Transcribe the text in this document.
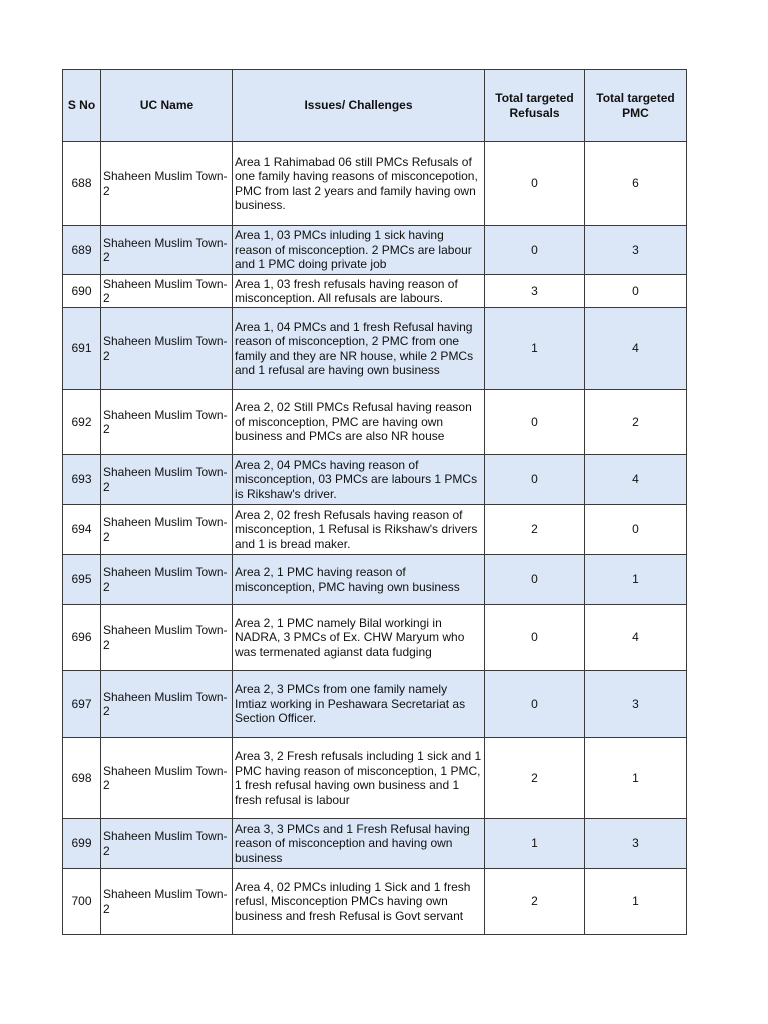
S No	UC Name	Issues/ Challenges	Total targeted Refusals	Total targeted PMC
688	Shaheen Muslim Town-2	Area 1 Rahimabad 06 still PMCs Refusals of one family having reasons of misconcepotion, PMC from last 2 years and family having own business.	0	6
689	Shaheen Muslim Town-2	Area 1, 03 PMCs inluding 1 sick having reason of misconception. 2 PMCs are labour and 1 PMC doing private job	0	3
690	Shaheen Muslim Town-2	Area 1, 03 fresh refusals having reason of misconception. All refusals are labours.	3	0
691	Shaheen Muslim Town-2	Area 1, 04 PMCs and 1 fresh Refusal having reason of misconception, 2 PMC from one family and they are NR house, while 2 PMCs and 1 refusal are having own business	1	4
692	Shaheen Muslim Town-2	Area 2, 02 Still PMCs Refusal having reason of misconception, PMC are having own business and PMCs are also NR house	0	2
693	Shaheen Muslim Town-2	Area 2, 04 PMCs having reason of misconception, 03 PMCs are labours 1 PMCs is Rikshaw's driver.	0	4
694	Shaheen Muslim Town-2	Area 2, 02 fresh Refusals having reason of misconception, 1 Refusal is Rikshaw's drivers and 1 is bread maker.	2	0
695	Shaheen Muslim Town-2	Area 2, 1 PMC having reason of misconception, PMC having own business	0	1
696	Shaheen Muslim Town-2	Area 2, 1 PMC namely Bilal workingi in NADRA, 3 PMCs of Ex. CHW Maryum who was termenated agianst data fudging	0	4
697	Shaheen Muslim Town-2	Area 2, 3 PMCs from one family namely Imtiaz working in Peshawara Secretariat as Section Officer.	0	3
698	Shaheen Muslim Town-2	Area 3, 2 Fresh refusals including 1 sick and 1 PMC having reason of misconception, 1 PMC, 1 fresh refusal having own business and 1 fresh refusal is labour	2	1
699	Shaheen Muslim Town-2	Area 3, 3 PMCs and 1 Fresh Refusal having reason of misconception and having own business	1	3
700	Shaheen Muslim Town-2	Area 4, 02 PMCs inluding 1 Sick and 1 fresh refusl, Misconception PMCs having own business and fresh Refusal is Govt servant	2	1
